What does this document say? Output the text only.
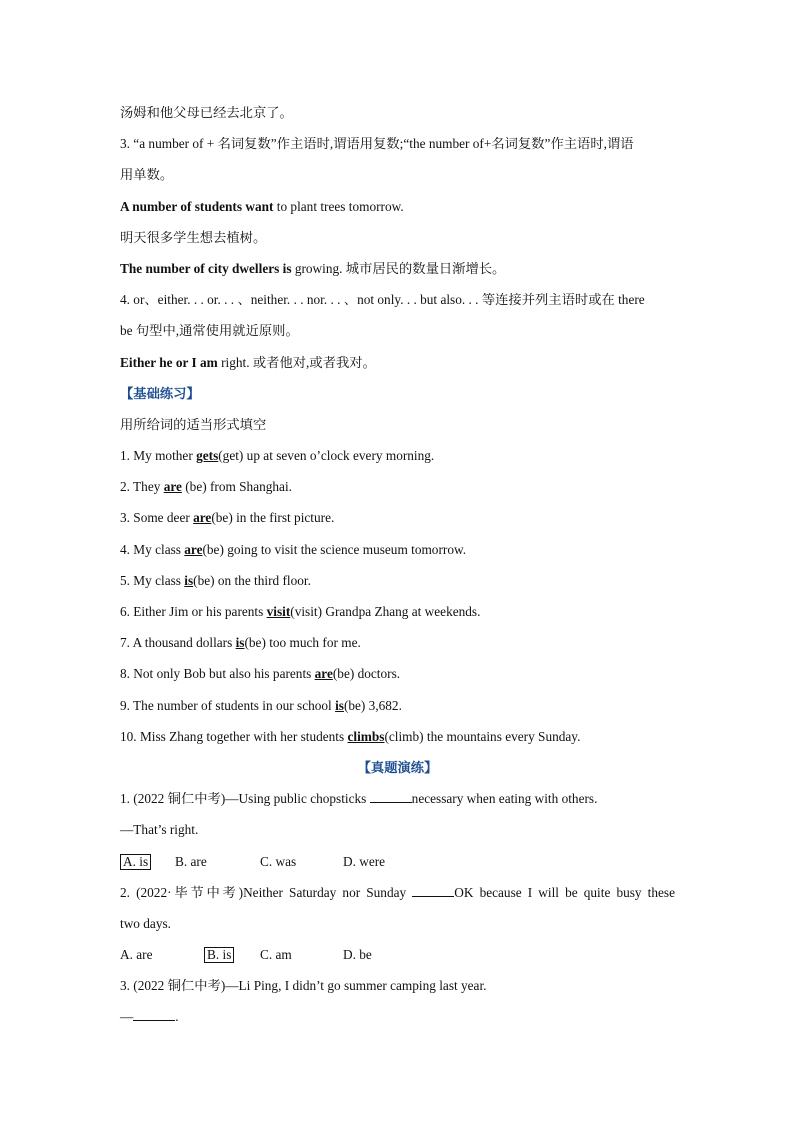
汤姆和他父母已经去北京了。
3. “a number of + 名词复数”作主语时,谓语用复数;“the number of+名词复数”作主语时,谓语
用单数。
A number of students want to plant trees tomorrow.
明天很多学生想去植树。
The number of city dwellers is growing. 城市居民的数量日渐增长。
4. or、either. . . or. . . 、neither. . . nor. . . 、not only. . . but also. . . 等连接并列主语时或在 there
be 句型中,通常使用就近原则。
Either he or I am right. 或者他对,或者我对。
【基础练习】
用所给词的适当形式填空
1. My mother gets(get) up at seven o’clock every morning.
2. They are (be) from Shanghai.
3. Some deer are(be) in the first picture.
4. My class are(be) going to visit the science museum tomorrow.
5. My class is(be) on the third floor.
6. Either Jim or his parents visit(visit) Grandpa Zhang at weekends.
7. A thousand dollars is(be) too much for me.
8. Not only Bob but also his parents are(be) doctors.
9. The number of students in our school is(be) 3,682.
10. Miss Zhang together with her students climbs(climb) the mountains every Sunday.
【真题演练】
1. (2022 铜仁中考)—Using public chopsticks	necessary when eating with others.
—That’s right.
A. is B. are	C. was	D. were
2. (2022·毕节中考)Neither Saturday nor Sunday	OK because I will be quite busy these
two days.
A. are	B. is C. am	D. be
3. (2022 铜仁中考)—Li Ping, I didn’t go summer camping last year.
—	.
